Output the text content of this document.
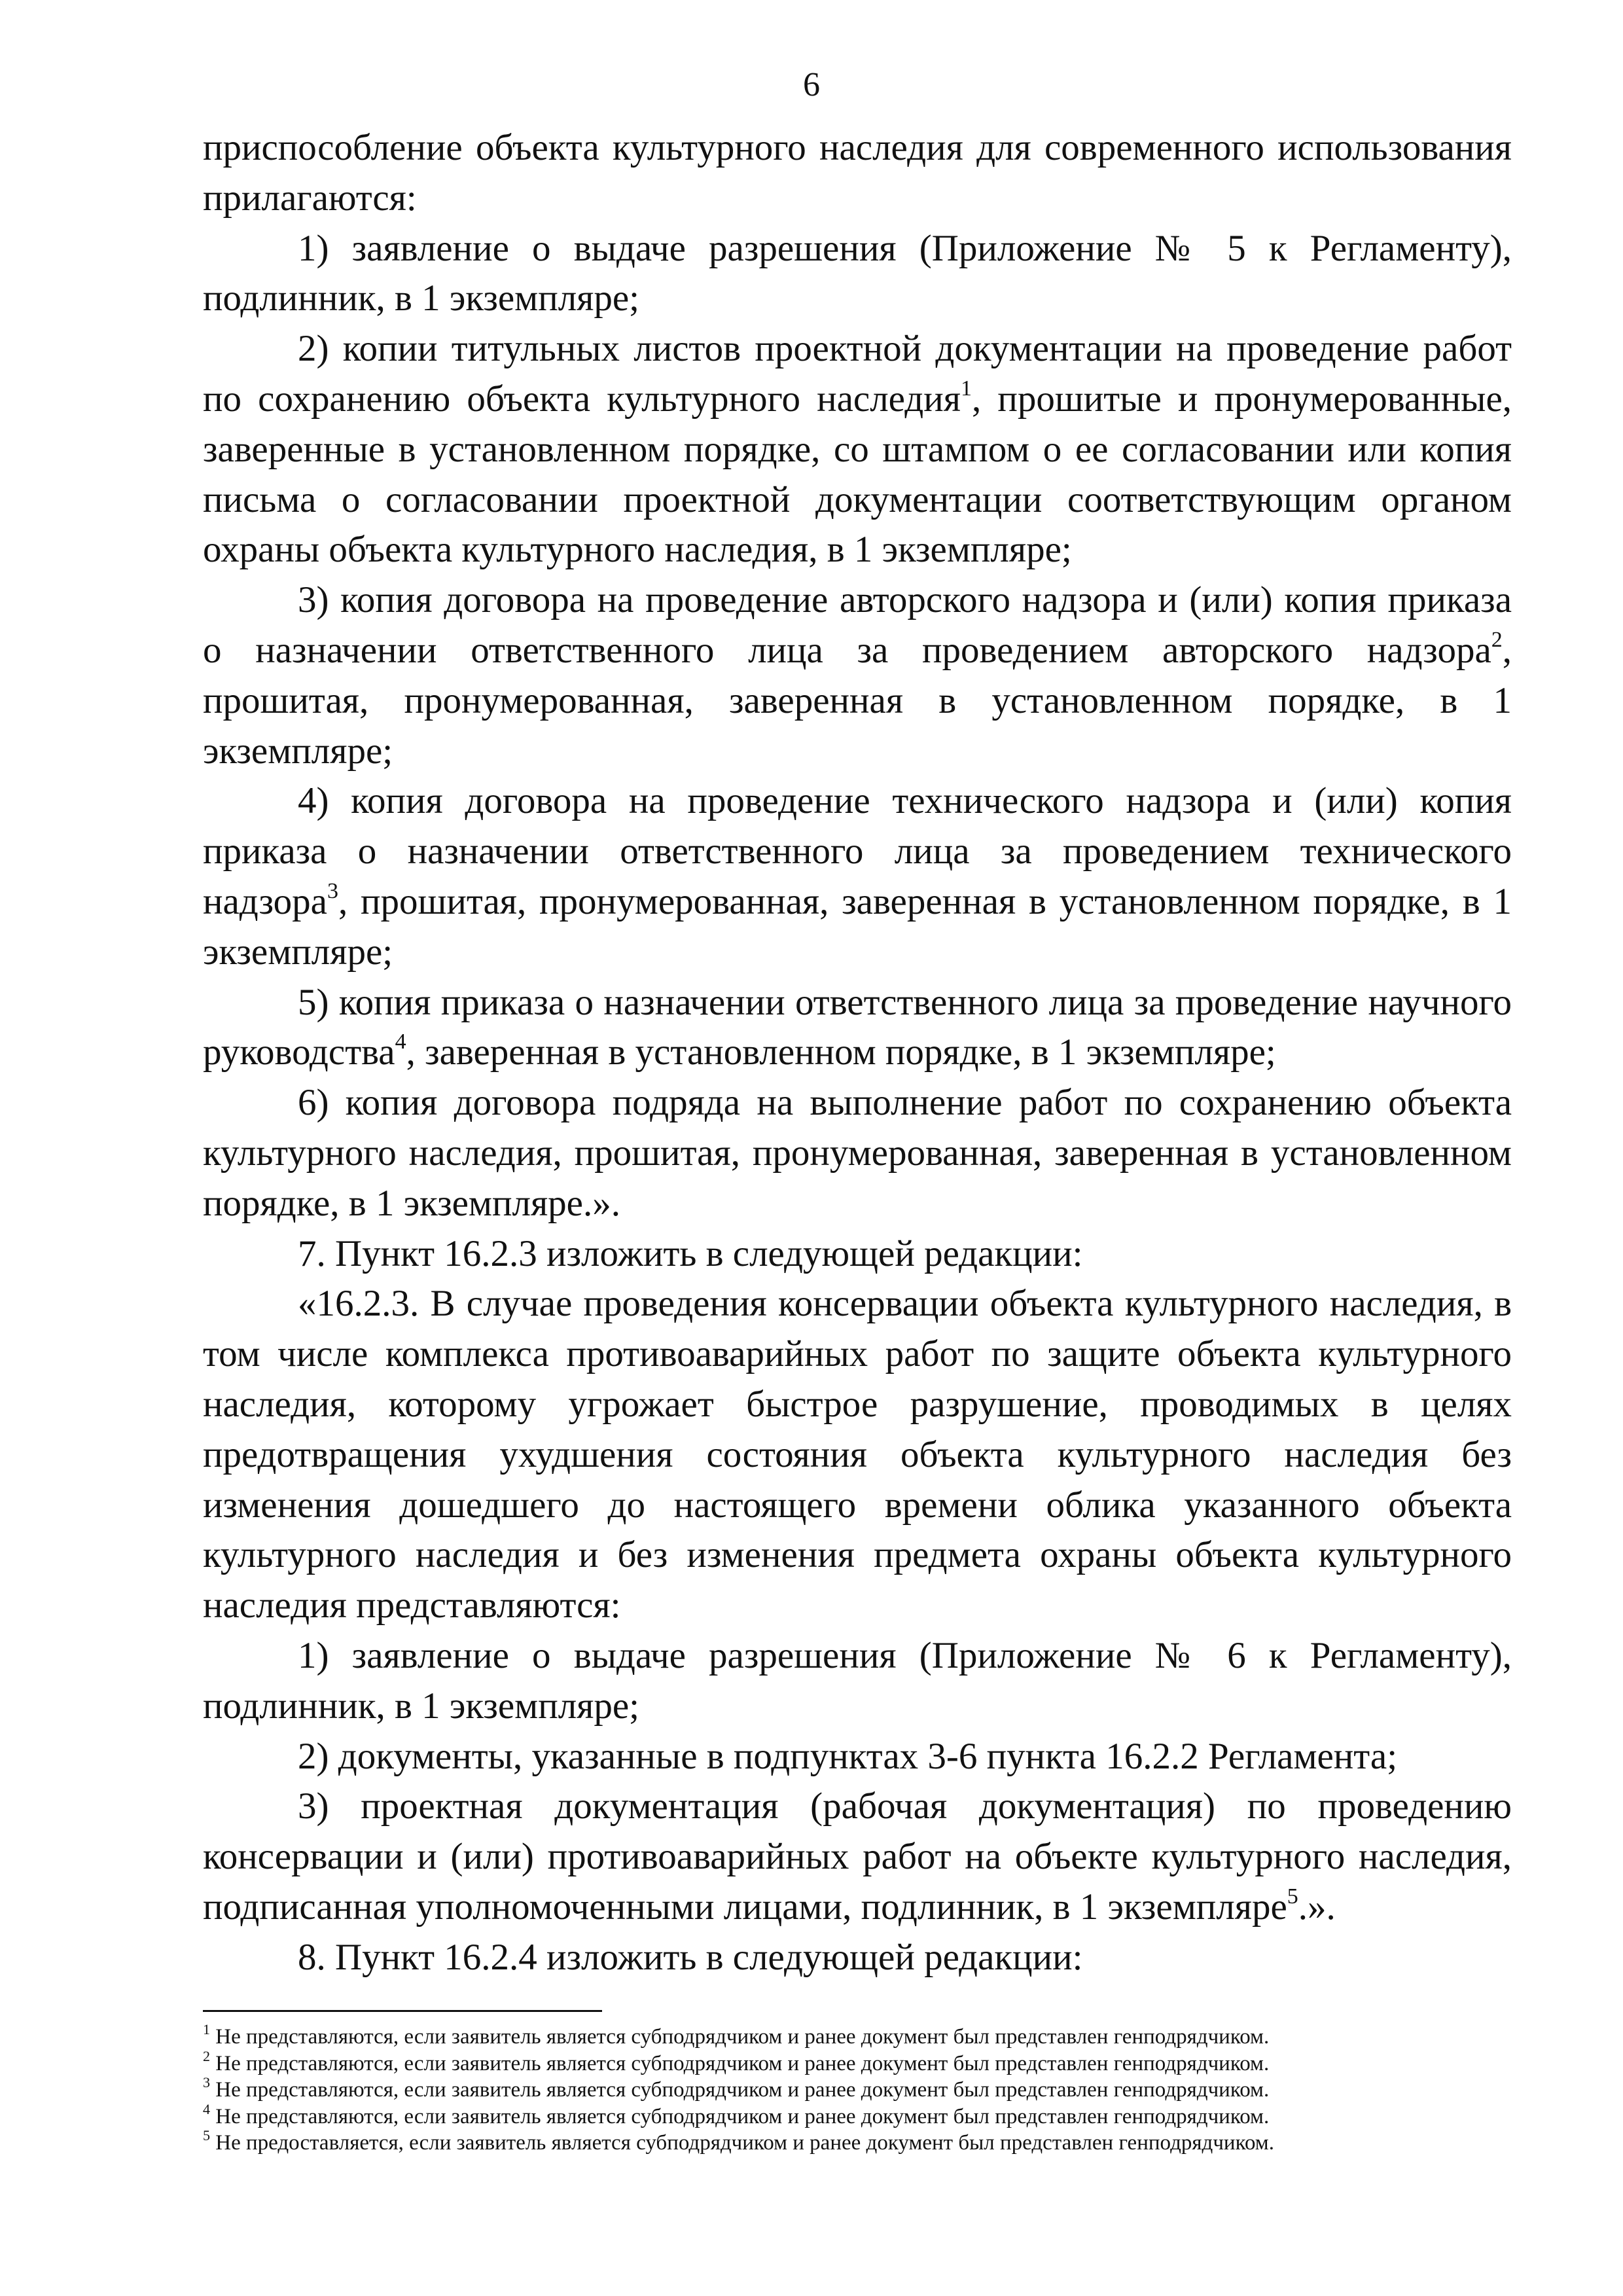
6

приспособление объекта культурного наследия для современного использования прилагаются:

1) заявление о выдаче разрешения (Приложение № 5 к Регламенту), подлинник, в 1 экземпляре;

2) копии титульных листов проектной документации на проведение работ по сохранению объекта культурного наследия$^1$, прошитые и пронумерованные, заверенные в установленном порядке, со штампом о ее согласовании или копия письма о согласовании проектной документации соответствующим органом охраны объекта культурного наследия, в 1 экземпляре;

3) копия договора на проведение авторского надзора и (или) копия приказа о назначении ответственного лица за проведением авторского надзора$^2$, прошитая, пронумерованная, заверенная в установленном порядке, в 1 экземпляре;

4) копия договора на проведение технического надзора и (или) копия приказа о назначении ответственного лица за проведением технического надзора$^3$, прошитая, пронумерованная, заверенная в установленном порядке, в 1 экземпляре;

5) копия приказа о назначении ответственного лица за проведение научного руководства$^4$, заверенная в установленном порядке, в 1 экземпляре;

6) копия договора подряда на выполнение работ по сохранению объекта культурного наследия, прошитая, пронумерованная, заверенная в установленном порядке, в 1 экземпляре.».

7. Пункт 16.2.3 изложить в следующей редакции:

«16.2.3. В случае проведения консервации объекта культурного наследия, в том числе комплекса противоаварийных работ по защите объекта культурного наследия, которому угрожает быстрое разрушение, проводимых в целях предотвращения ухудшения состояния объекта культурного наследия без изменения дошедшего до настоящего времени облика указанного объекта культурного наследия и без изменения предмета охраны объекта культурного наследия представляются:

1) заявление о выдаче разрешения (Приложение № 6 к Регламенту), подлинник, в 1 экземпляре;

2) документы, указанные в подпунктах 3-6 пункта 16.2.2 Регламента;

3) проектная документация (рабочая документация) по проведению консервации и (или) противоаварийных работ на объекте культурного наследия, подписанная уполномоченными лицами, подлинник, в 1 экземпляре$^5$.».

8. Пункт 16.2.4 изложить в следующей редакции:

$^1$ Не представляются, если заявитель является субподрядчиком и ранее документ был представлен генподрядчиком.

$^2$ Не представляются, если заявитель является субподрядчиком и ранее документ был представлен генподрядчиком.

$^3$ Не представляются, если заявитель является субподрядчиком и ранее документ был представлен генподрядчиком.

$^4$ Не представляются, если заявитель является субподрядчиком и ранее документ был представлен генподрядчиком.

$^5$ Не предоставляется, если заявитель является субподрядчиком и ранее документ был представлен генподрядчиком.
